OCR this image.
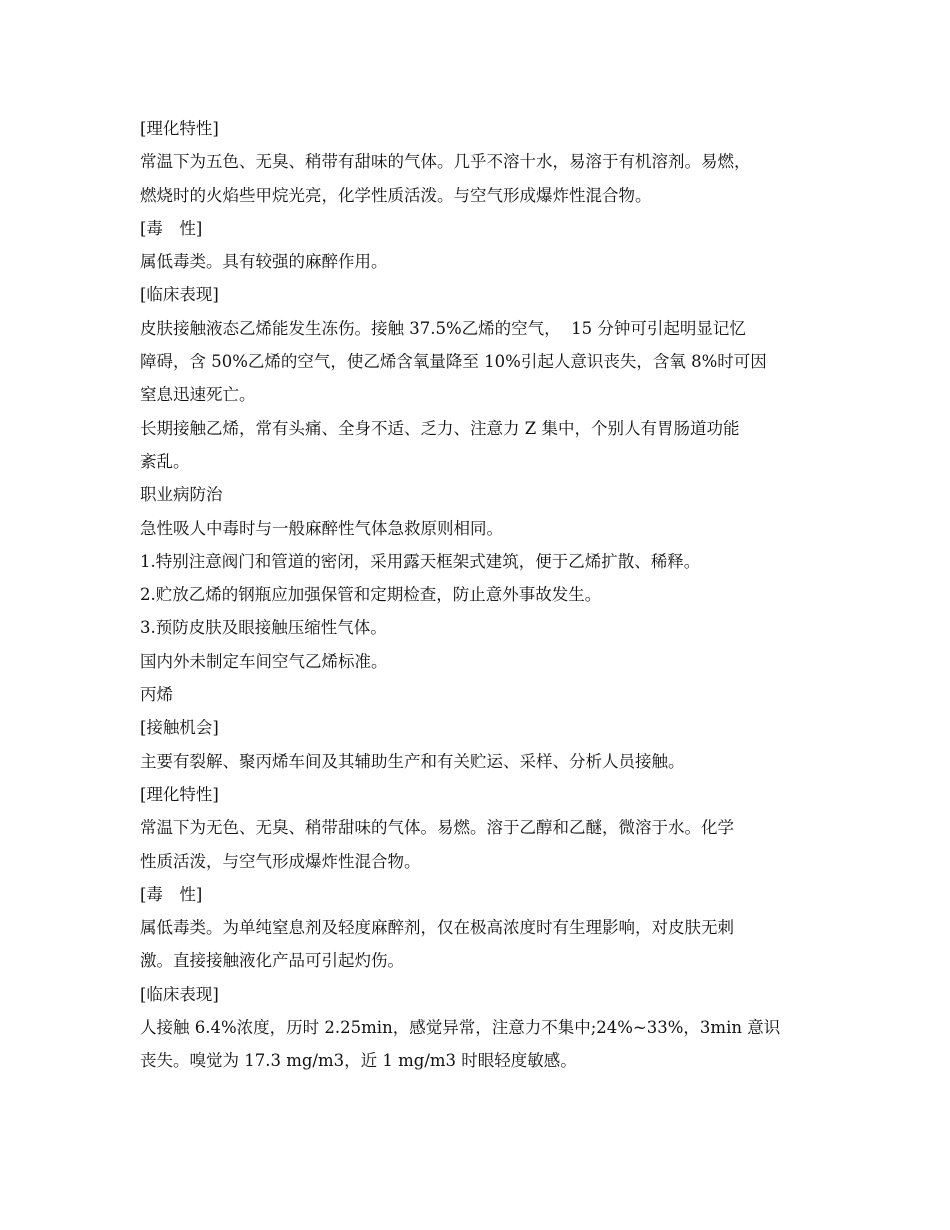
[理化特性]
常温下为五色、无臭、稍带有甜味的气体。几乎不溶十水，易溶于有机溶剂。易燃，
燃烧时的火焰些甲烷光亮，化学性质活泼。与空气形成爆炸性混合物。
[毒　性]
属低毒类。具有较强的麻醉作用。
[临床表现]
皮肤接触液态乙烯能发生冻伤。接触 37.5%乙烯的空气，  15 分钟可引起明显记忆
障碍，含 50%乙烯的空气，使乙烯含氧量降至 10%引起人意识丧失，含氧 8%时可因
窒息迅速死亡。
长期接触乙烯，常有头痛、全身不适、乏力、注意力 Z 集中，个别人有胃肠道功能
紊乱。
职业病防治
急性吸人中毒时与一般麻醉性气体急救原则相同。
1.特别注意阀门和管道的密闭，采用露天框架式建筑，便于乙烯扩散、稀释。
2.贮放乙烯的钢瓶应加强保管和定期检查，防止意外事故发生。
3.预防皮肤及眼接触压缩性气体。
国内外未制定车间空气乙烯标准。
丙烯
[接触机会]
主要有裂解、聚丙烯车间及其辅助生产和有关贮运、采样、分析人员接触。
[理化特性]
常温下为无色、无臭、稍带甜味的气体。易燃。溶于乙醇和乙醚，微溶于水。化学
性质活泼，与空气形成爆炸性混合物。
[毒　性]
属低毒类。为单纯窒息剂及轻度麻醉剂，仅在极高浓度时有生理影响，对皮肤无刺
激。直接接触液化产品可引起灼伤。
[临床表现]
人接触 6.4%浓度，历时 2.25min，感觉异常，注意力不集中;24%~33%，3min 意识
丧失。嗅觉为 17.3 mg/m3，近 1 mg/m3 时眼轻度敏感。
